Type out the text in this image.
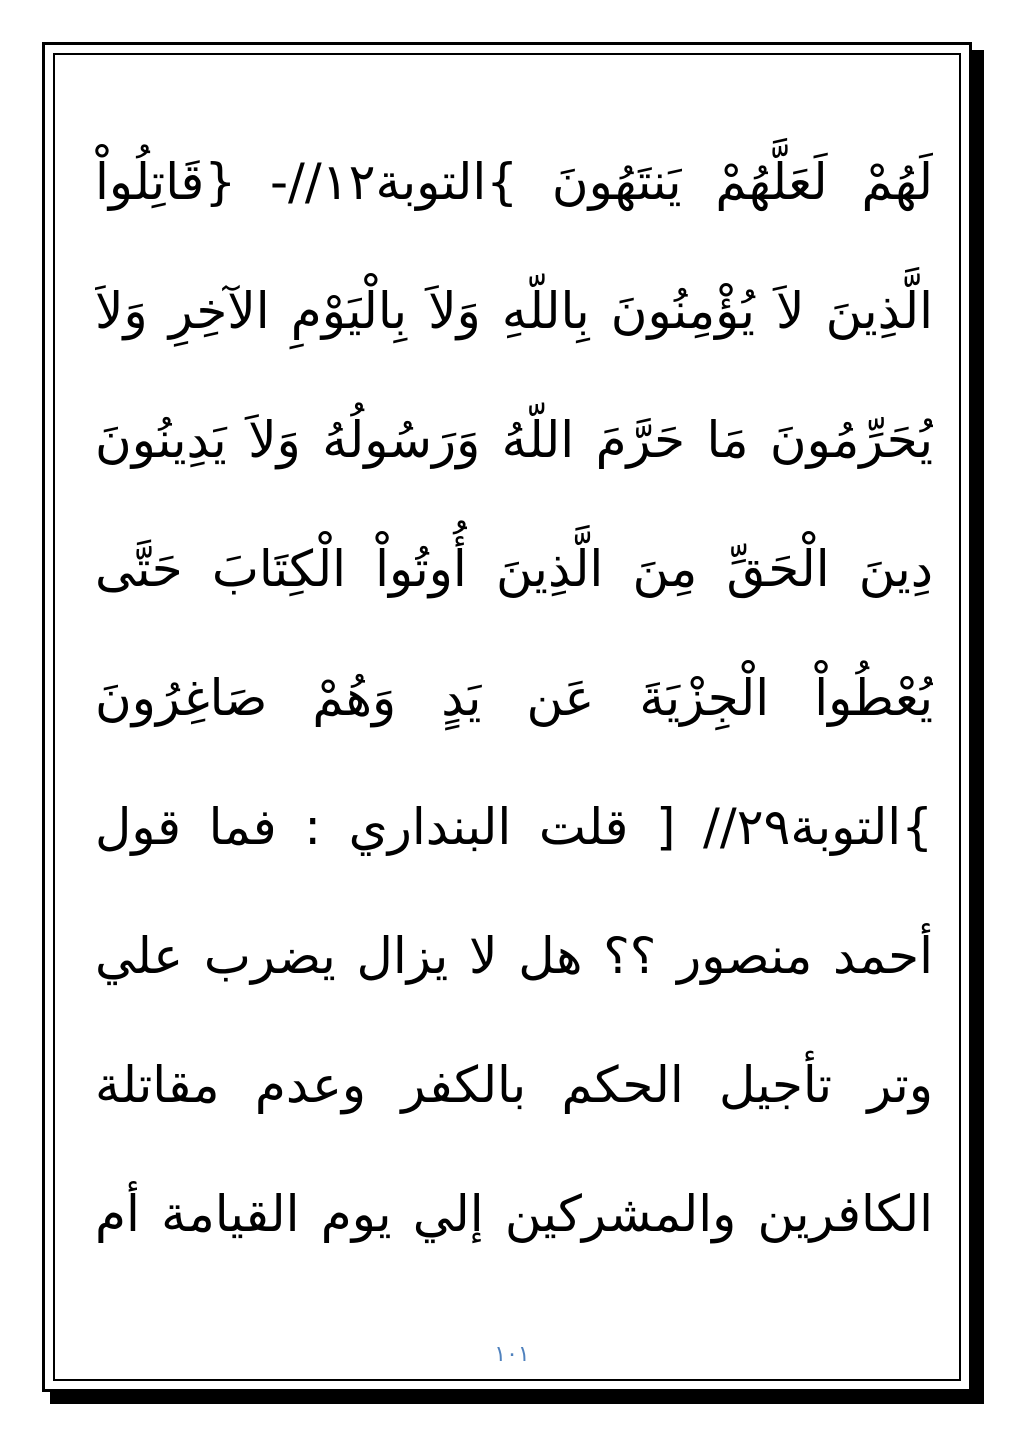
لَهُمْ لَعَلَّهُمْ يَنتَهُونَ }التوبة١٢//- {قَاتِلُواْ
الَّذِينَ لاَ يُؤْمِنُونَ بِاللّهِ وَلاَ بِالْيَوْمِ الآخِرِ وَلاَ
يُحَرِّمُونَ مَا حَرَّمَ اللّهُ وَرَسُولُهُ وَلاَ يَدِينُونَ
دِينَ الْحَقِّ مِنَ الَّذِينَ أُوتُواْ الْكِتَابَ حَتَّى
يُعْطُواْ الْجِزْيَةَ عَن يَدٍ وَهُمْ صَاغِرُونَ
}التوبة٢٩// [ قلت البنداري : فما قول
أحمد منصور ؟؟ هل لا يزال يضرب علي
وتر تأجيل الحكم بالكفر وعدم مقاتلة
الكافرين والمشركين إلي يوم القيامة أم
١٠١
